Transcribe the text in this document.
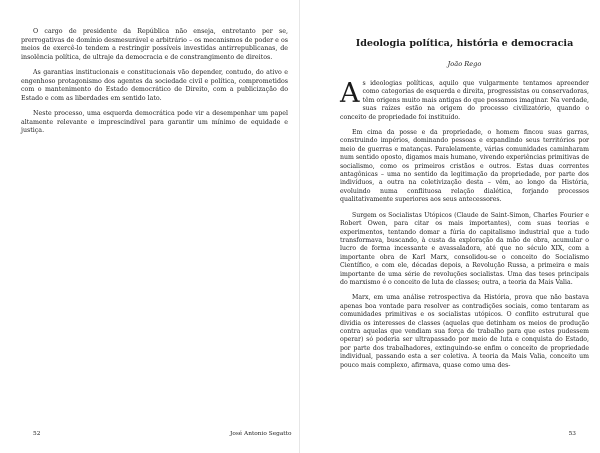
O cargo de presidente da República não enseja, entretanto per se, prerrogativas de domínio desmesurável e arbitrário – os mecanismos de poder e os meios de exercê-lo tendem a restringir possíveis investidas antirrepublicanas, de insolência política, de ultraje da democracia e de constrangimento de direitos.

As garantias institucionais e constitucionais vão depender, contudo, do ativo e engenhoso protagonismo dos agentes da sociedade civil e política, comprometidos com o mantenimento do Estado democrático de Direito, com a publicização do Estado e com as liberdades em sentido lato.

Neste processo, uma esquerda democrática pode vir a desempenhar um papel altamente relevante e imprescindível para garantir um mínimo de equidade e justiça.

Ideologia política, história e democracia
João Rego

As ideologias políticas, aquilo que vulgarmente tentamos apreender como categorias de esquerda e direita, progressistas ou conservadoras, têm origens muito mais antigas do que possamos imaginar. Na verdade, suas raízes estão na origem do processo civilizatório, quando o conceito de propriedade foi instituído.

Em cima da posse e da propriedade, o homem fincou suas garras, construindo impérios, dominando pessoas e expandindo seus territórios por meio de guerras e matanças. Paralelamente, várias comunidades caminharam num sentido oposto, digamos mais humano, vivendo experiências primitivas de socialismo, como os primeiros cristãos e outros. Estas duas correntes antagônicas – uma no sentido da legitimação da propriedade, por parte dos indivíduos, a outra na coletivização desta – vêm, ao longo da História, evoluindo numa conflituosa relação dialética, forjando processos qualitativamente superiores aos seus antecessores.

Surgem os Socialistas Utópicos (Claude de Saint-Simon, Charles Fourier e Robert Owen, para citar os mais importantes), com suas teorias e experimentos, tentando domar a fúria do capitalismo industrial que a tudo transformava, buscando, à custa da exploração da mão de obra, acumular o lucro de forma incessante e avassaladora, até que no século XIX, com a importante obra de Karl Marx, consolidou-se o conceito do Socialismo Científico, e com ele, décadas depois, a Revolução Russa, a primeira e mais importante de uma série de revoluções socialistas. Uma das teses principais do marxismo é o conceito de luta de classes; outra, a teoria da Mais Valia.

Marx, em uma análise retrospectiva da História, prova que não bastava apenas boa vontade para resolver as contradições sociais, como tentaram as comunidades primitivas e os socialistas utópicos. O conflito estrutural que dividia os interesses de classes (aquelas que detinham os meios de produção contra aquelas que vendiam sua força de trabalho para que estes pudessem operar) só poderia ser ultrapassado por meio de luta e conquista do Estado, por parte dos trabalhadores, extinguindo-se enfim o conceito de propriedade individual, passando esta a ser coletiva. A teoria da Mais Valia, conceito um pouco mais complexo, afirmava, quase como uma des-

52	José Antonio Segatto	53
